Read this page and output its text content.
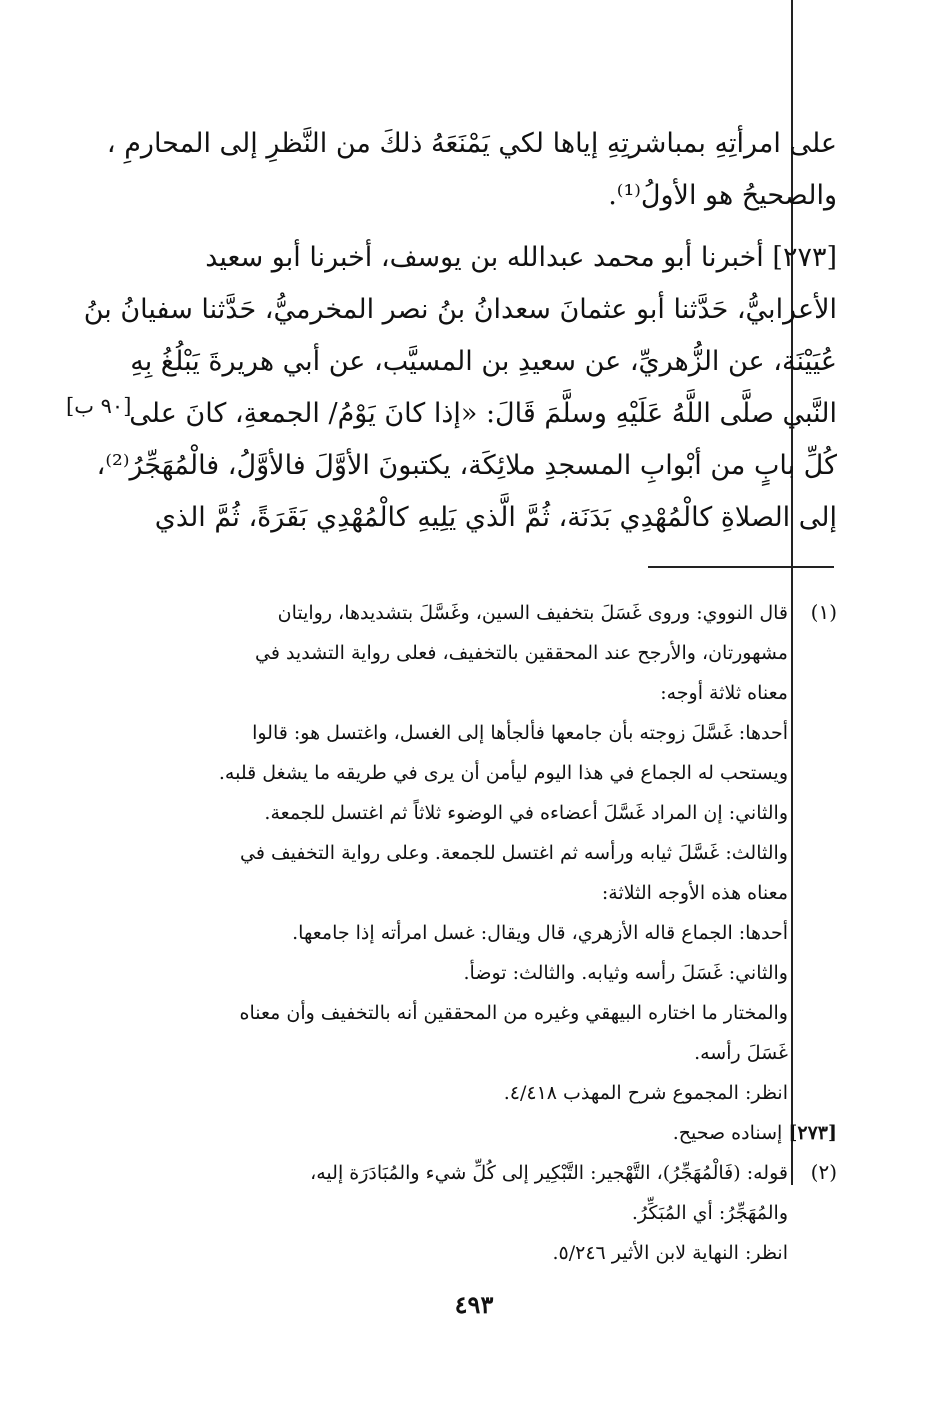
على امرأتِهِ بمباشرتِهِ إياها لكي يَمْنَعَهُ ذلكَ من النَّظرِ إلى المحارمِ ،
والصحيحُ هو الأولُ⁽¹⁾.
[٢٧٣] أخبرنا أبو محمد عبدالله بن يوسف، أخبرنا أبو سعيد
الأعرابيُّ، حَدَّثنا أبو عثمانَ سعدانُ بنُ نصر المخرميُّ، حَدَّثنا سفيانُ بنُ
عُيَيْنَة، عن الزُّهريِّ، عن سعيدِ بن المسيَّب، عن أبي هريرةَ يَبْلُغُ بِهِ
النَّبي صلَّى اللَّهُ عَلَيْهِ وسلَّمَ قَالَ: «إذا كانَ يَوْمُ/ الجمعةِ، كانَ على
كُلِّ بابٍ من أبْوابِ المسجدِ ملائِكَة، يكتبونَ الأوَّلَ فالأوَّلُ، فالْمُهَجِّرُ⁽²⁾،
إلى الصلاةِ كالْمُهْدِي بَدَنَة، ثُمَّ الَّذي يَلِيهِ كالْمُهْدِي بَقَرَةً، ثُمَّ الذي
[٩٠ ب]
(١)
قال النووي: وروى غَسَلَ بتخفيف السين، وغَسَّلَ بتشديدها، روايتان
مشهورتان، والأرجح عند المحققين بالتخفيف، فعلى رواية التشديد في
معناه ثلاثة أوجه:
أحدها: غَسَّلَ زوجته بأن جامعها فألجأها إلى الغسل، واغتسل هو: قالوا
ويستحب له الجماع في هذا اليوم ليأمن أن يرى في طريقه ما يشغل قلبه.
والثاني: إن المراد غَسَّلَ أعضاءه في الوضوء ثلاثاً ثم اغتسل للجمعة.
والثالث: غَسَّلَ ثيابه ورأسه ثم اغتسل للجمعة. وعلى رواية التخفيف في
معناه هذه الأوجه الثلاثة:
أحدها: الجماع قاله الأزهري، قال ويقال: غسل امرأته إذا جامعها.
والثاني: غَسَلَ رأسه وثيابه. والثالث: توضأ.
والمختار ما اختاره البيهقي وغيره من المحققين أنه بالتخفيف وأن معناه
غَسَلَ رأسه.
انظر: المجموع شرح المهذب ٤/٤١٨.
[٢٧٣] إسناده صحيح.
(٢)
قوله: (فَالْمُهَجِّرُ)، التَّهْجير: التَّبْكِير إلى كُلِّ شيء والمُبَادَرَة إليه،
والمُهَجِّرُ: أي المُبَكِّرُ.
انظر: النهاية لابن الأثير ٥/٢٤٦.
٤٩٣
